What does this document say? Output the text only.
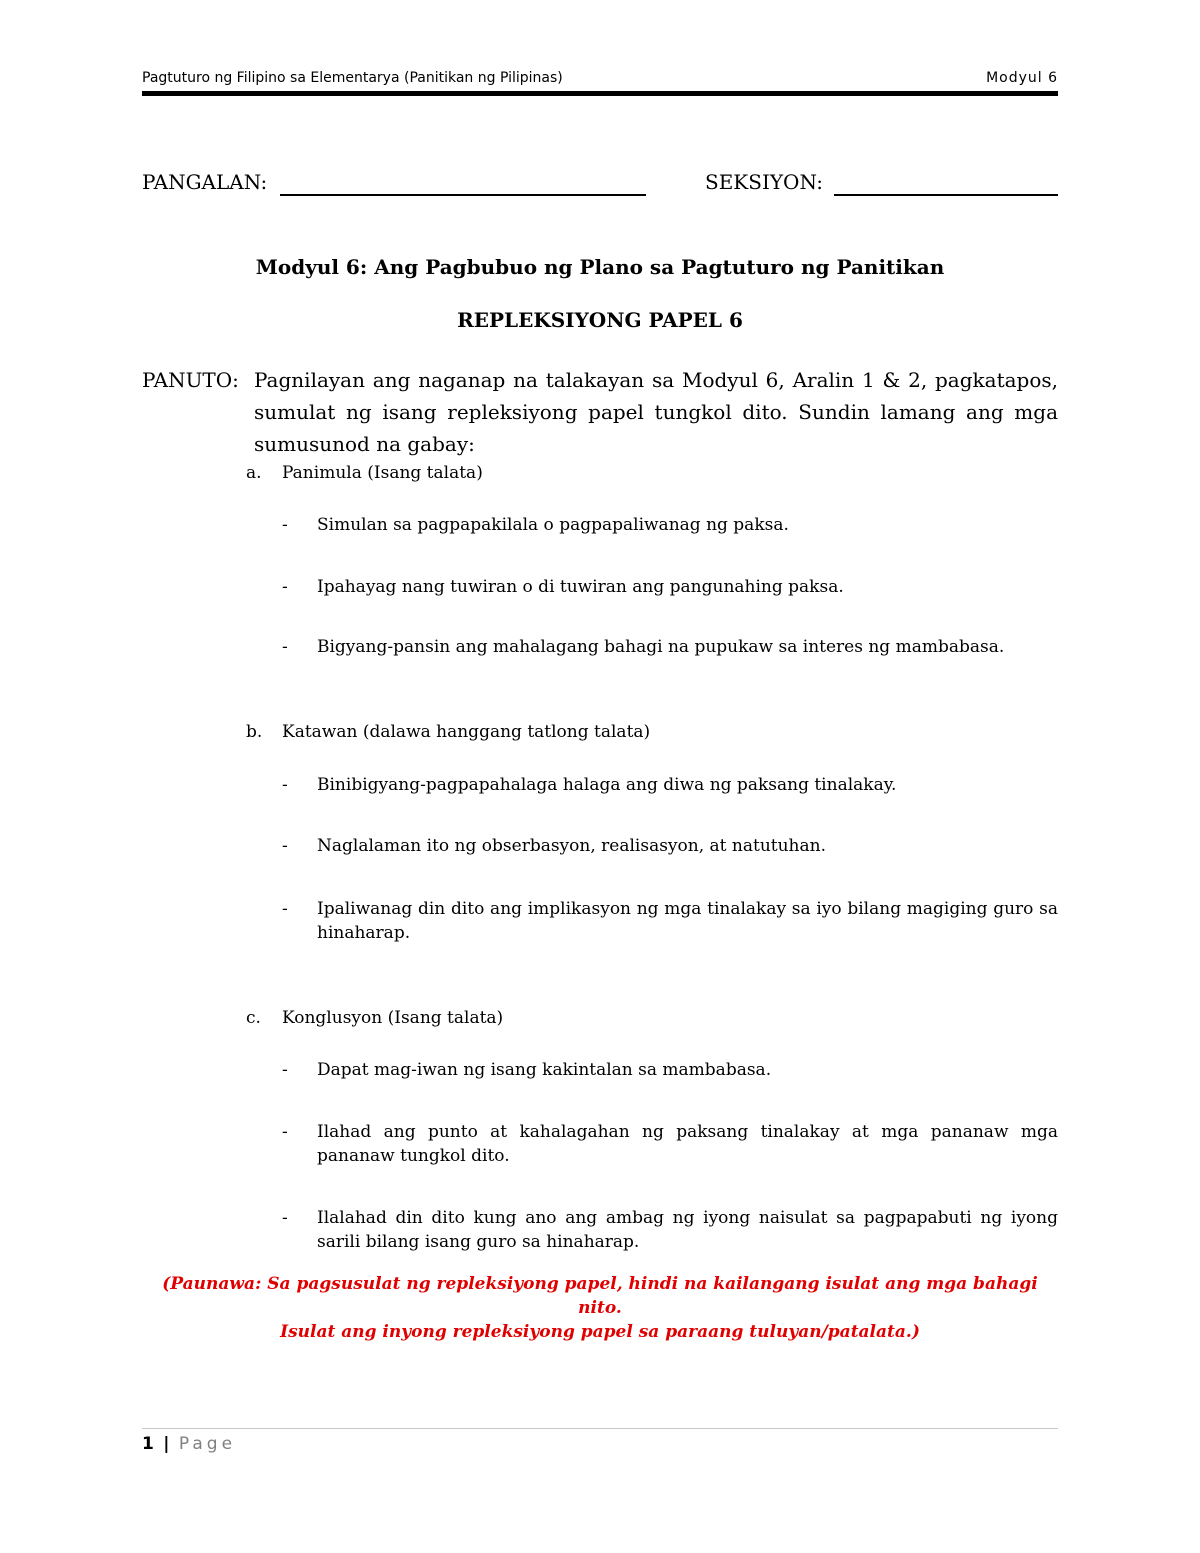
Pagtuturo ng Filipino sa Elementarya (Panitikan ng Pilipinas)	Modyul 6
PANGALAN:	SEKSIYON:
Modyul 6: Ang Pagbubuo ng Plano sa Pagtuturo ng Panitikan
REPLEKSIYONG PAPEL 6
PANUTO: Pagnilayan ang naganap na talakayan sa Modyul 6, Aralin 1 & 2, pagkatapos, sumulat ng isang repleksiyong papel tungkol dito. Sundin lamang ang mga sumusunod na gabay:
a. Panimula (Isang talata)
- Simulan sa pagpapakilala o pagpapaliwanag ng paksa.
- Ipahayag nang tuwiran o di tuwiran ang pangunahing paksa.
- Bigyang-pansin ang mahalagang bahagi na pupukaw sa interes ng mambabasa.
b. Katawan (dalawa hanggang tatlong talata)
- Binibigyang-pagpapahalaga halaga ang diwa ng paksang tinalakay.
- Naglalaman ito ng obserbasyon, realisasyon, at natutuhan.
- Ipaliwanag din dito ang implikasyon ng mga tinalakay sa iyo bilang magiging guro sa hinaharap.
c. Konglusyon (Isang talata)
- Dapat mag-iwan ng isang kakintalan sa mambabasa.
- Ilahad ang punto at kahalagahan ng paksang tinalakay at mga pananaw mga pananaw tungkol dito.
- Ilalahad din dito kung ano ang ambag ng iyong naisulat sa pagpapabuti ng iyong sarili bilang isang guro sa hinaharap.
(Paunawa: Sa pagsusulat ng repleksiyong papel, hindi na kailangang isulat ang mga bahagi nito.
Isulat ang inyong repleksiyong papel sa paraang tuluyan/patalata.)
1 | Page
